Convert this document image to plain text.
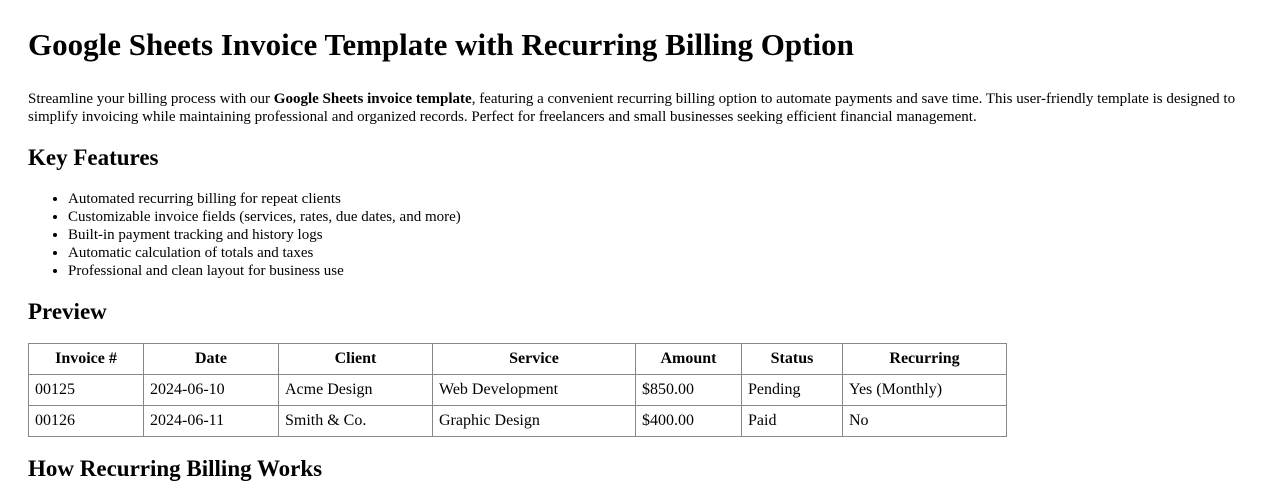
Google Sheets Invoice Template with Recurring Billing Option

Streamline your billing process with our Google Sheets invoice template, featuring a convenient recurring billing option to automate payments and save time. This user-friendly template is designed to simplify invoicing while maintaining professional and organized records. Perfect for freelancers and small businesses seeking efficient financial management.

Key Features
• Automated recurring billing for repeat clients
• Customizable invoice fields (services, rates, due dates, and more)
• Built-in payment tracking and history logs
• Automatic calculation of totals and taxes
• Professional and clean layout for business use
Preview
Invoice #	Date	Client	Service	Amount	Status	Recurring
00125	2024-06-10	Acme Design	Web Development	$850.00	Pending	Yes (Monthly)
00126	2024-06-11	Smith & Co.	Graphic Design	$400.00	Paid	No
How Recurring Billing Works
